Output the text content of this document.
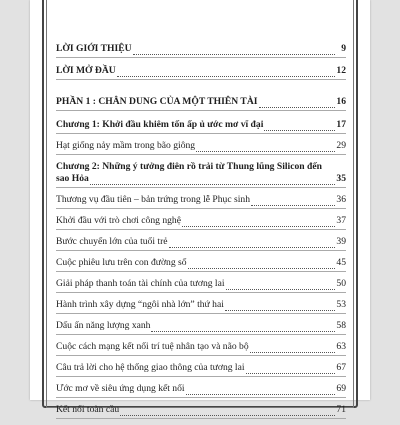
LỜI GIỚI THIỆU	9
LỜI MỞ ĐẦU	12
PHẦN 1 : CHÂN DUNG CỦA MỘT THIÊN TÀI	16
Chương 1: Khởi đầu khiêm tốn ấp ủ ước mơ vĩ đại	17
Hạt giống nảy mầm trong bão giông	29
Chương 2: Những ý tưởng điên rồ trải từ Thung lũng Silicon đến
sao Hỏa	35
Thương vụ đầu tiên – bản trứng trong lễ Phục sinh	36
Khởi đầu với trò chơi công nghệ	37
Bước chuyển lớn của tuổi trẻ	39
Cuộc phiêu lưu trên con đường số	45
Giải pháp thanh toán tài chính của tương lai	50
Hành trình xây dựng “ngôi nhà lớn” thứ hai	53
Dấu ấn năng lượng xanh	58
Cuộc cách mạng kết nối trí tuệ nhân tạo và não bộ	63
Câu trả lời cho hệ thống giao thông của tương lai	67
Ước mơ về siêu ứng dụng kết nối	69
Kết nối toàn cầu	71
